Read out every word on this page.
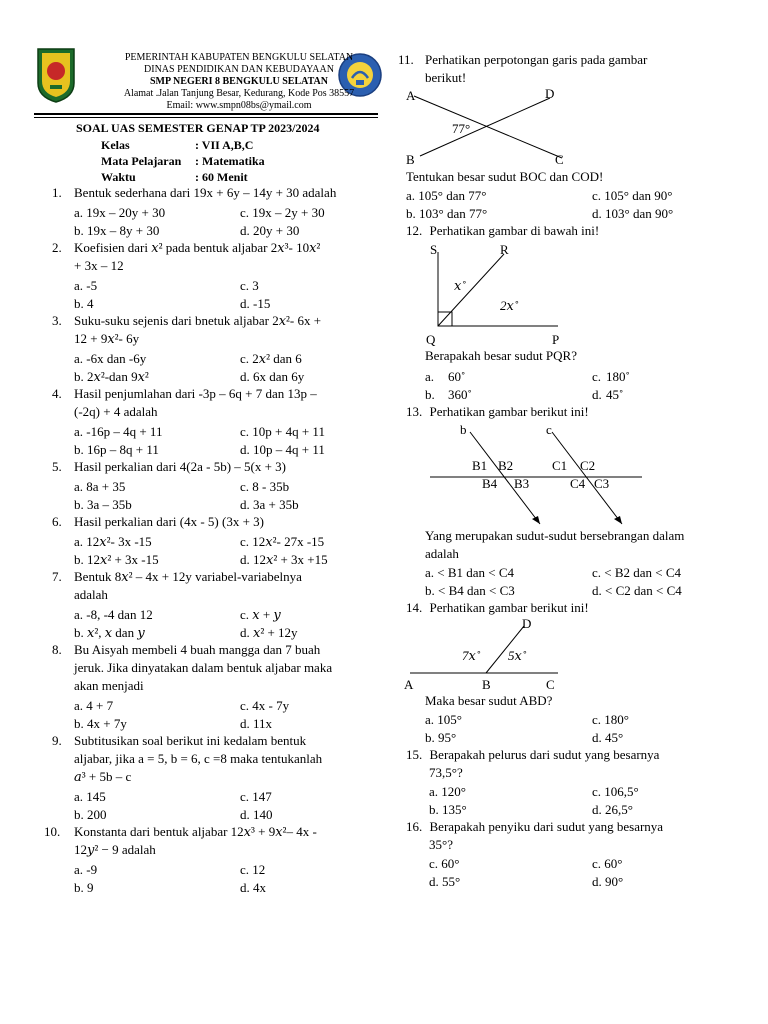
PEMERINTAH KABUPATEN BENGKULU SELATAN
DINAS PENDIDIKAN DAN KEBUDAYAAN
SMP NEGERI 8 BENGKULU SELATAN
Alamat .Jalan Tanjung Besar, Kedurang, Kode Pos 38557
Email: www.smpn08bs@ymail.com
SOAL UAS SEMESTER GENAP TP 2023/2024
Kelas	: VII A,B,C
Mata Pelajaran : Matematika
Waktu	: 60 Menit
1. Bentuk sederhana dari 19x + 6y – 14y + 30 adalah
a. 19x – 20y + 30	c. 19x – 2y + 30
b. 19x – 8y + 30	d. 20y + 30
2. Koefisien dari 𝑥² pada bentuk aljabar 2𝑥³- 10𝑥²
+ 3x – 12
a. -5	c. 3
b. 4	d. -15
3. Suku-suku sejenis dari bnetuk aljabar 2𝑥²- 6x +
12 + 9𝑥²- 6y
a. -6x dan -6y	c. 2𝑥² dan 6
b. 2𝑥²-dan 9𝑥²	d. 6x dan 6y
4. Hasil penjumlahan dari -3p – 6q + 7 dan 13p –
(-2q) + 4 adalah
a. -16p – 4q + 11	c. 10p + 4q + 11
b. 16p – 8q + 11	d. 10p – 4q + 11
5. Hasil perkalian dari 4(2a - 5b) – 5(x + 3)
a. 8a + 35	c. 8 - 35b
b. 3a – 35b	d. 3a + 35b
6. Hasil perkalian dari (4x - 5) (3x + 3)
a. 12𝑥²- 3x -15	c. 12𝑥²- 27x -15
b. 12𝑥² + 3x -15	d. 12𝑥² + 3x +15
7. Bentuk 8𝑥² – 4x + 12y variabel-variabelnya
adalah
a. -8, -4 dan 12	c. 𝑥 + 𝑦
b. 𝑥², 𝑥 dan 𝑦	d. 𝑥² + 12y
8. Bu Aisyah membeli 4 buah mangga dan 7 buah
jeruk. Jika dinyatakan dalam bentuk aljabar maka
akan menjadi
a. 4 + 7	c. 4x - 7y
b. 4x + 7y	d. 11x
9. Subtitusikan soal berikut ini kedalam bentuk
aljabar, jika a = 5, b = 6, c =8 maka tentukanlah
𝑎³ + 5b – c
a. 145	c. 147
b. 200	d. 140
10. Konstanta dari bentuk aljabar 12𝑥³ + 9𝑥²– 4x -
12𝑦² − 9 adalah
a. -9	c. 12
b. 9	d. 4x
11. Perhatikan perpotongan garis pada gambar
berikut!
A	D
B	C
77°
Tentukan besar sudut BOC dan COD!
a. 105° dan 77°	c. 105° dan 90°
b. 103° dan 77°	d. 103° dan 90°
12. Perhatikan gambar di bawah ini!
S	R
Q	P
𝑥˚
2𝑥˚
Berapakah besar sudut PQR?
a. 60˚	c. 180˚
b. 360˚	d. 45˚
13. Perhatikan gambar berikut ini!
b	c
B1 B2
B4 B3
C1 C2
C4 C3
Yang merupakan sudut-sudut bersebrangan dalam
adalah
a. < B1 dan < C4	c. < B2 dan < C4
b. < B4 dan < C3	d. < C2 dan < C4
14. Perhatikan gambar berikut ini!
D
7𝑥˚ 5𝑥˚
A	B	C
Maka besar sudut ABD?
a. 105°	c. 180°
b. 95°	d. 45°
15. Berapakah pelurus dari sudut yang besarnya
73,5°?
a. 120°	c. 106,5°
b. 135°	d. 26,5°
16. Berapakah penyiku dari sudut yang besarnya
35°?
c. 60°	c. 60°
d. 55°	d. 90°
